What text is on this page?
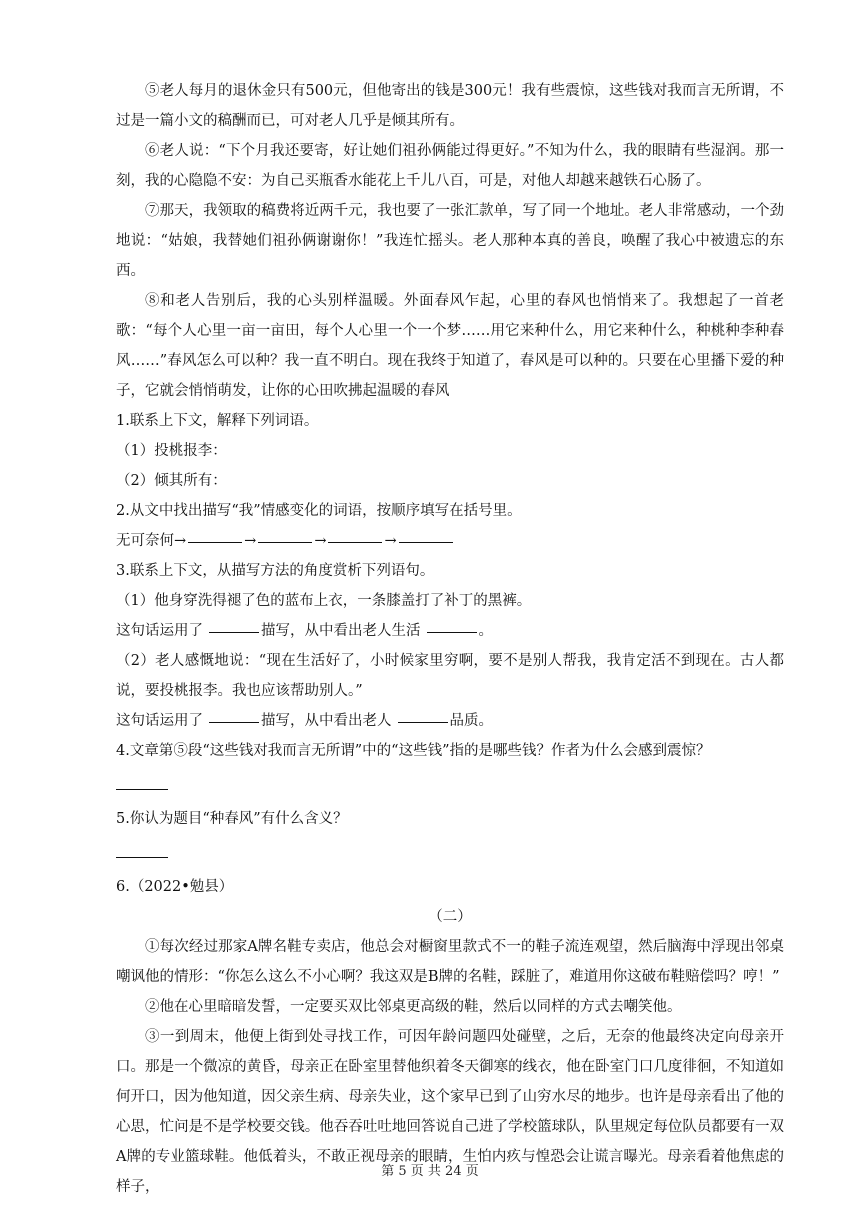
⑤老人每月的退休金只有500元，但他寄出的钱是300元！我有些震惊，这些钱对我而言无所谓，不过是一篇小文的稿酬而已，可对老人几乎是倾其所有。

⑥老人说：“下个月我还要寄，好让她们祖孙俩能过得更好。”不知为什么，我的眼睛有些湿润。那一刻，我的心隐隐不安：为自己买瓶香水能花上千儿八百，可是，对他人却越来越铁石心肠了。

⑦那天，我领取的稿费将近两千元，我也要了一张汇款单，写了同一个地址。老人非常感动，一个劲地说：“姑娘，我替她们祖孙俩谢谢你！”我连忙摇头。老人那种本真的善良，唤醒了我心中被遗忘的东西。

⑧和老人告别后，我的心头别样温暖。外面春风乍起，心里的春风也悄悄来了。我想起了一首老歌：“每个人心里一亩一亩田，每个人心里一个一个梦……用它来种什么，用它来种什么，种桃种李种春风……”春风怎么可以种？我一直不明白。现在我终于知道了，春风是可以种的。只要在心里播下爱的种子，它就会悄悄萌发，让你的心田吹拂起温暖的春风

1.联系上下文，解释下列词语。

（1）投桃报李：

（2）倾其所有：

2.从文中找出描写“我”情感变化的词语，按顺序填写在括号里。

无可奈何→	→	→	→

3.联系上下文，从描写方法的角度赏析下列语句。

（1）他身穿洗得褪了色的蓝布上衣，一条膝盖打了补丁的黑裤。

这句话运用了	描写，从中看出老人生活	。

（2）老人感慨地说：“现在生活好了，小时候家里穷啊，要不是别人帮我，我肯定活不到现在。古人都说，要投桃报李。我也应该帮助别人。”

这句话运用了	描写，从中看出老人	品质。

4.文章第⑤段“这些钱对我而言无所谓”中的“这些钱”指的是哪些钱？作者为什么会感到震惊？

5.你认为题目“种春风”有什么含义？

6.（2022•勉县）

（二）

①每次经过那家A牌名鞋专卖店，他总会对橱窗里款式不一的鞋子流连观望，然后脑海中浮现出邻桌嘲讽他的情形：“你怎么这么不小心啊？我这双是B牌的名鞋，踩脏了，难道用你这破布鞋赔偿吗？哼！”

②他在心里暗暗发誓，一定要买双比邻桌更高级的鞋，然后以同样的方式去嘲笑他。

③一到周末，他便上街到处寻找工作，可因年龄问题四处碰壁，之后，无奈的他最终决定向母亲开口。那是一个微凉的黄昏，母亲正在卧室里替他织着冬天御寒的线衣，他在卧室门口几度徘徊，不知道如何开口，因为他知道，因父亲生病、母亲失业，这个家早已到了山穷水尽的地步。也许是母亲看出了他的心思，忙问是不是学校要交钱。他吞吞吐吐地回答说自己进了学校篮球队，队里规定每位队员都要有一双A牌的专业篮球鞋。他低着头，不敢正视母亲的眼睛，生怕内疚与惶恐会让谎言曝光。母亲看着他焦虑的样子，

第 5 页 共 24 页
